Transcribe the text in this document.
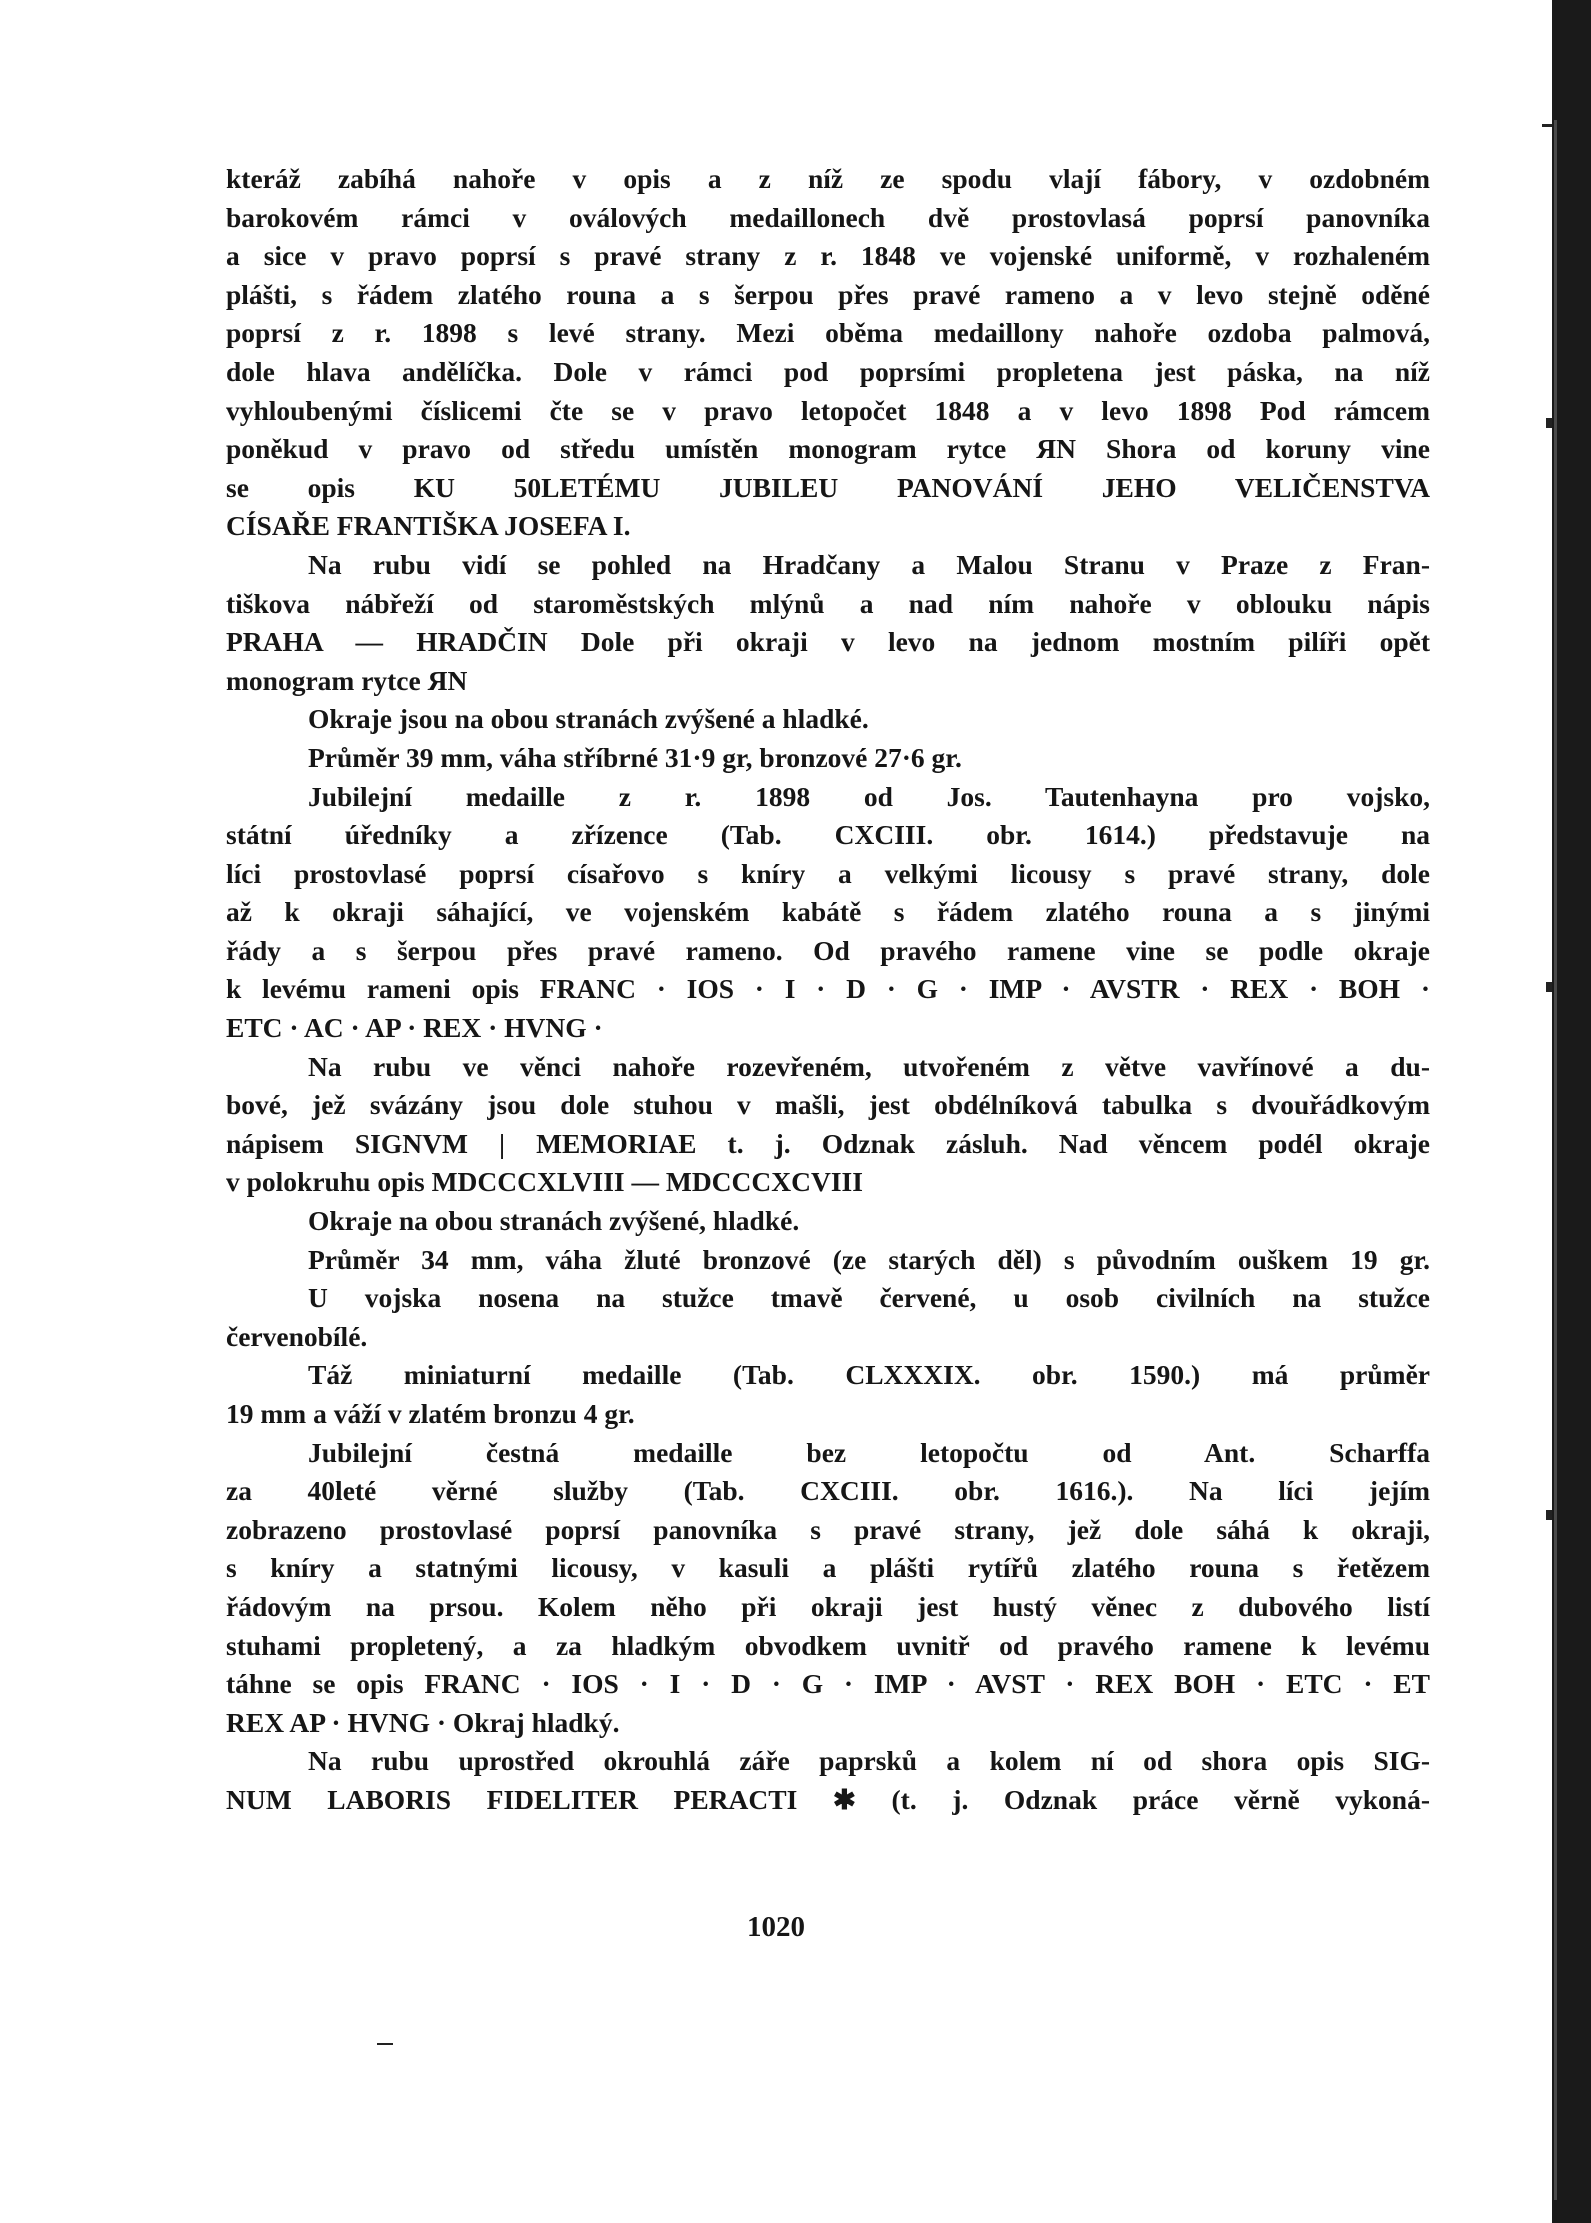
kteráž zabíhá nahoře v opis a z níž ze spodu vlají fábory, v ozdobném
barokovém rámci v oválových medaillonech dvě prostovlasá poprsí panovníka
a sice v pravo poprsí s pravé strany z r. 1848 ve vojenské uniformě, v rozhaleném
plášti, s řádem zlatého rouna a s šerpou přes pravé rameno a v levo stejně oděné
poprsí z r. 1898 s levé strany. Mezi oběma medaillony nahoře ozdoba palmová,
dole hlava andělíčka. Dole v rámci pod poprsími propletena jest páska, na níž
vyhloubenými číslicemi čte se v pravo letopočet 1848 a v levo 1898 Pod rámcem
poněkud v pravo od středu umístěn monogram rytce ЯN Shora od koruny vine
se opis KU 50LETÉMU JUBILEU PANOVÁNÍ JEHO VELIČENSTVA
CÍSAŘE FRANTIŠKA JOSEFA I.
Na rubu vidí se pohled na Hradčany a Malou Stranu v Praze z Fran-
tiškova nábřeží od staroměstských mlýnů a nad ním nahoře v oblouku nápis
PRAHA — HRADČIN Dole při okraji v levo na jednom mostním pilíři opět
monogram rytce ЯN
Okraje jsou na obou stranách zvýšené a hladké.
Průměr 39 mm, váha stříbrné 31·9 gr, bronzové 27·6 gr.
Jubilejní medaille z r. 1898 od Jos. Tautenhayna pro vojsko,
státní úředníky a zřízence (Tab. CXCIII. obr. 1614.) představuje na
líci prostovlasé poprsí císařovo s kníry a velkými licousy s pravé strany, dole
až k okraji sáhající, ve vojenském kabátě s řádem zlatého rouna a s jinými
řády a s šerpou přes pravé rameno. Od pravého ramene vine se podle okraje
k levému rameni opis FRANC · IOS · I · D · G · IMP · AVSTR · REX · BOH ·
ETC · AC · AP · REX · HVNG ·
Na rubu ve věnci nahoře rozevřeném, utvořeném z větve vavřínové a du-
bové, jež svázány jsou dole stuhou v mašli, jest obdélníková tabulka s dvouřádkovým
nápisem SIGNVM | MEMORIAE t. j. Odznak zásluh. Nad věncem podél okraje
v polokruhu opis MDCCCXLVIII — MDCCCXCVIII
Okraje na obou stranách zvýšené, hladké.
Průměr 34 mm, váha žluté bronzové (ze starých děl) s původním ouškem 19 gr.
U vojska nosena na stužce tmavě červené, u osob civilních na stužce
červenobílé.
Táž miniaturní medaille (Tab. CLXXXIX. obr. 1590.) má průměr
19 mm a váží v zlatém bronzu 4 gr.
Jubilejní čestná medaille bez letopočtu od Ant. Scharffa
za 40leté věrné služby (Tab. CXCIII. obr. 1616.). Na líci jejím
zobrazeno prostovlasé poprsí panovníka s pravé strany, jež dole sáhá k okraji,
s kníry a statnými licousy, v kasuli a plášti rytířů zlatého rouna s řetězem
řádovým na prsou. Kolem něho při okraji jest hustý věnec z dubového listí
stuhami propletený, a za hladkým obvodkem uvnitř od pravého ramene k levému
táhne se opis FRANC · IOS · I · D · G · IMP · AVST · REX BOH · ETC · ET
REX AP · HVNG · Okraj hladký.
Na rubu uprostřed okrouhlá záře paprsků a kolem ní od shora opis SIG-
NUM LABORIS FIDELITER PERACTI ✱ (t. j. Odznak práce věrně vykoná-
1020
